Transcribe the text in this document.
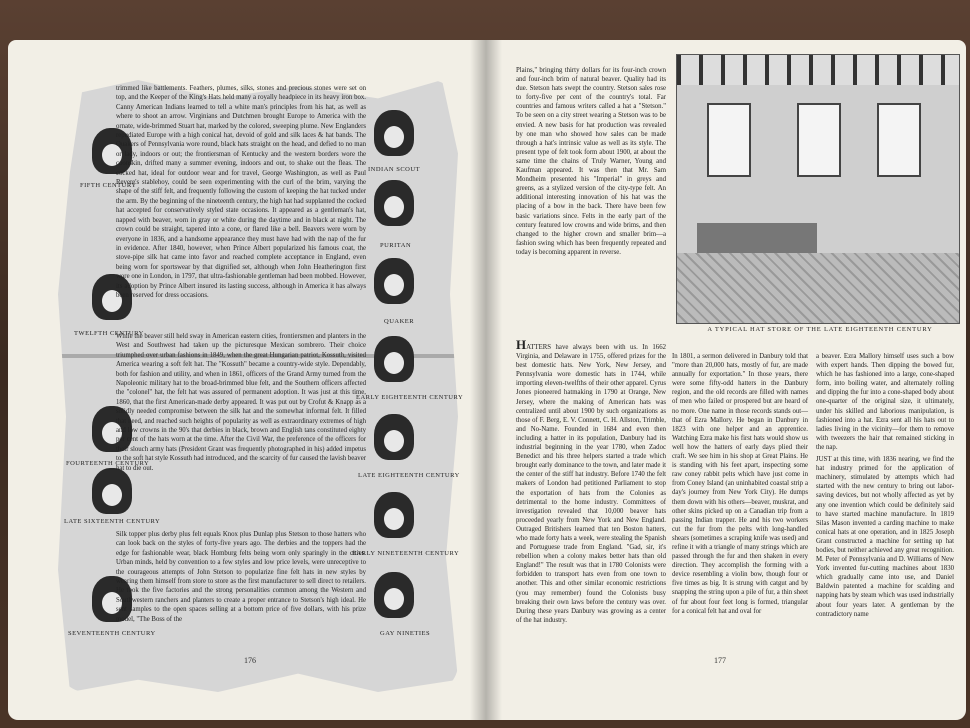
FIFTH CENTURY
TWELFTH CENTURY
FOURTEENTH CENTURY
LATE SIXTEENTH CENTURY
SEVENTEENTH CENTURY
INDIAN SCOUT
PURITAN
QUAKER
EARLY EIGHTEENTH CENTURY
LATE EIGHTEENTH CENTURY
EARLY NINETEENTH CENTURY
GAY NINETIES

trimmed like battlements. Feathers, plumes, silks, stones and precious stones were set on top, and the Keeper of the King's Hats held many a royally headpiece in its heavy iron box. Canny American Indians learned to tell a white man's principles from his hat, as well as where to shoot an arrow. Virginians and Dutchmen brought Europe to America with the ornate, wide-brimmed Stuart hat, marked by the colored, sweeping plume. New Englanders repudiated Europe with a high conical hat, devoid of gold and silk laces & hat bands. The Quakers of Pennsylvania wore round, black hats straight on the head, and defied to no man or lady, indoors or out; the frontiersman of Kentucky and the western borders wore the coonskin, drifted many a summer evening, indoors and out, to shake out the fleas. The cocked hat, ideal for outdoor wear and for travel, George Washington, as well as Paul Revere's stablehoy, could be seen experimenting with the curl of the brim, varying the shape of the stiff felt, and frequently following the custom of keeping the hat tucked under the arm. By the beginning of the nineteenth century, the high hat had supplanted the cocked hat accepted for conservatively styled state occasions. It appeared as a gentleman's hat, napped with beaver, worn in gray or white during the daytime and in black at night. The crown could be straight, tapered into a cone, or flared like a bell. Beavers were worn by everyone in 1836, and a handsome appearance they must have had with the nap of the fur in evidence. After 1840, however, when Prince Albert popularized his famous coat, the stove-pipe silk hat came into favor and reached complete acceptance in England, even being worn for sportswear by that dignified set, although when John Heatherington first wore one in London, in 1797, that ultra-fashionable gentleman had been mobbed. However, its adoption by Prince Albert insured its lasting success, although in America it has always been reserved for dress occasions.

While the beaver still held sway in American eastern cities, frontiersmen and planters in the West and Southwest had taken up the picturesque Mexican sombrero. Their choice triumphed over urban fashions in 1849, when the great Hungarian patriot, Kossuth, visited America wearing a soft felt hat. The "Kossuth" became a country-wide style. Dependably, both for fashion and utility, and when in 1861, officers of the Grand Army turned from the Napoleonic military hat to the broad-brimmed blue felt, and the Southern officers affected the "colonel" hat, the felt hat was assured of permanent adoption. It was just at this time, 1860, that the first American-made derby appeared. It was put out by Crofut & Knapp as a solidly needed compromise between the silk hat and the somewhat informal felt. It filled that need, and reached such heights of popularity as well as extraordinary extremes of high and low crowns in the 90's that derbies in black, brown and English tans constituted eighty per cent of the hats worn at the time. After the Civil War, the preference of the officers for their slouch army hats (President Grant was frequently photographed in his) added impetus to the soft hat style Kossuth had introduced, and the scarcity of fur caused the lavish beaver hat to die out.

Silk topper plus derby plus felt equals Knox plus Dunlap plus Stetson to those hatters who can look back on the styles of forty-five years ago. The derbies and the toppers had the edge for fashionable wear, black Homburg felts being worn only sparingly in the cities. Urban minds, held by convention to a few styles and low price levels, were unreceptive to the courageous attempts of John Stetson to popularize fine felt hats in new styles by wearing them himself from store to store as the first manufacturer to sell direct to retailers. He took the five factories and the strong personalities common among the Western and Southwestern ranchers and planters to create a proper entrance to Stetson's high ideal. He sent samples to the open spaces selling at a bottom price of five dollars, with his prize model, "The Boss of the

176

Plains," bringing thirty dollars for its four-inch crown and four-inch brim of natural beaver. Quality had its due. Stetson hats swept the country. Stetson sales rose to forty-five per cent of the country's total. Far countries and famous writers called a hat a "Stetson." To be seen on a city street wearing a Stetson was to be envied. A new basis for hat production was revealed by one man who showed how sales can be made through a hat's intrinsic value as well as its style. The present type of felt took form about 1900, at about the same time the chains of Truly Warner, Young and Kaufman appeared. It was then that Mr. Sam Mondheim presented his "Imperial" in greys and greens, as a stylized version of the city-type felt. An additional interesting innovation of his hat was the placing of a bow in the back. There have been few basic variations since. Felts in the early part of the century featured low crowns and wide brims, and then changed to the higher crown and smaller brim—a fashion swing which has been frequently repeated and today is becoming apparent in reverse.

A TYPICAL HAT STORE OF THE LATE EIGHTEENTH CENTURY

HATTERS have always been with us. In 1662 Virginia, and Delaware in 1755, offered prizes for the best domestic hats. New York, New Jersey, and Pennsylvania wore domestic hats in 1744, while importing eleven-twelfths of their other apparel. Cyrus Jones pioneered hatmaking in 1790 at Orange, New Jersey, where the making of American hats was centralized until about 1900 by such organizations as those of F. Berg, E. V. Connett, C. H. Allston, Trimble, and No-Name. Founded in 1684 and even then including a hatter in its population, Danbury had its industrial beginning in the year 1780, when Zadoc Benedict and his three helpers started a trade which brought early dominance to the town, and later made it the center of the stiff hat industry. Before 1740 the felt makers of London had petitioned Parliament to stop the exportation of hats from the Colonies as detrimental to the home industry. Committees of investigation revealed that 10,000 beaver hats proceeded yearly from New York and New England. Outraged Britishers learned that ten Boston hatters, who made forty hats a week, were stealing the Spanish and Portuguese trade from England. "Gad, sir, it's rebellion when a colony makes better hats than old England!" The result was that in 1780 Colonists were forbidden to transport hats even from one town to another. This and other similar economic restrictions (you may remember) found the Colonists busy breaking their own laws before the century was over. During these years Danbury was growing as a center of the hat industry.

In 1801, a sermon delivered in Danbury told that "more than 20,000 hats, mostly of fur, are made annually for exportation." In those years, there were some fifty-odd hatters in the Danbury region, and the old records are filled with names of men who failed or prospered but are heard of no more. One name in those records stands out—that of Ezra Mallory. He began in Danbury in 1823 with one helper and an apprentice. Watching Ezra make his first hats would show us well how the hatters of early days plied their craft. We see him in his shop at Great Plains. He is standing with his feet apart, inspecting some raw coney rabbit pelts which have just come in from Coney Island (an uninhabited coastal strip a day's journey from New York City). He dumps them down with his others—beaver, muskrat, and other skins picked up on a Canadian trip from a passing Indian trapper. He and his two workers cut the fur from the pelts with long-handled shears (sometimes a scraping knife was used) and refine it with a triangle of many strings which are passed through the fur and then shaken in every direction. They accomplish the forming with a device resembling a violin bow, though four or five times as big. It is strung with catgut and by snapping the string upon a pile of fur, a thin sheet of fur about four feet long is formed, triangular for a conical felt hat and oval for

a beaver. Ezra Mallory himself uses such a bow with expert hands. Then dipping the bowed fur, which he has fashioned into a large, cone-shaped form, into boiling water, and alternately rolling and dipping the fur into a cone-shaped body about one-quarter of the original size, it ultimately, under his skilled and laborious manipulation, is fashioned into a hat. Ezra sent all his hats out to ladies living in the vicinity—for them to remove with tweezers the hair that remained sticking in the nap.

JUST at this time, with 1836 nearing, we find the hat industry primed for the application of machinery, stimulated by attempts which had started with the new century to bring out labor-saving devices, but not wholly affected as yet by any one invention which could be definitely said to have started machine manufacture. In 1819 Silas Mason invented a carding machine to make conical hats at one operation, and in 1825 Joseph Grant constructed a machine for setting up hat bodies, but neither achieved any great recognition. M. Peter of Pennsylvania and D. Williams of New York invented fur-cutting machines about 1830 which gradually came into use, and Daniel Baldwin patented a machine for scalding and napping hats by steam which was used industrially about four years later. A gentleman by the contradictory name

177
